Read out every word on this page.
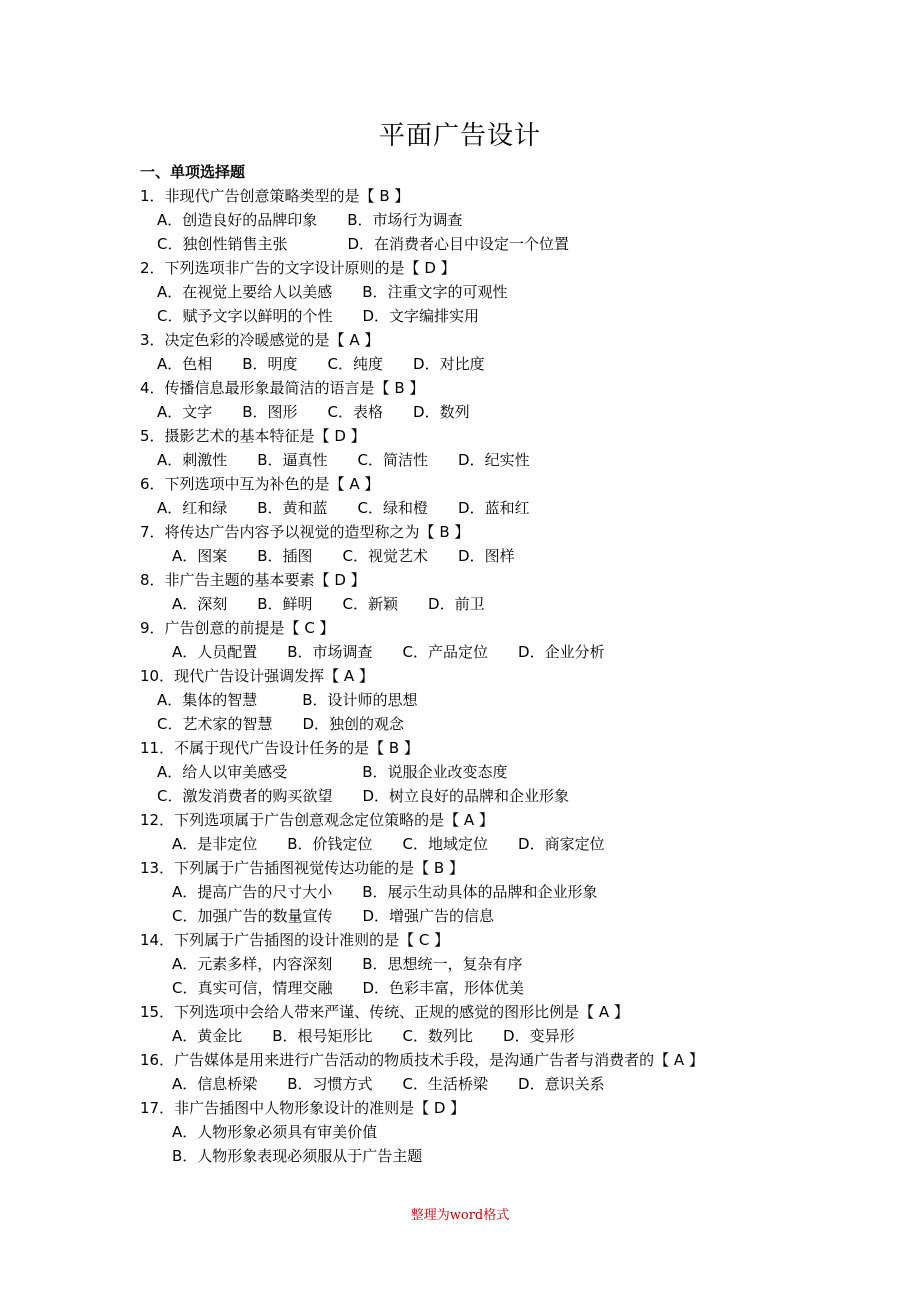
平面广告设计
一、单项选择题
1．非现代广告创意策略类型的是【 B 】
A．创造良好的品牌印象　　B．市场行为调查
C．独创性销售主张　　　　D．在消费者心目中设定一个位置
2．下列选项非广告的文字设计原则的是【 D 】
A．在视觉上要给人以美感　　B．注重文字的可观性
C．赋予文字以鲜明的个性　　D．文字编排实用
3．决定色彩的冷暖感觉的是【 A 】
A．色相　　B．明度　　C．纯度　　D．对比度
4．传播信息最形象最简洁的语言是【 B 】
A．文字　　B．图形　　C．表格　　D．数列
5．摄影艺术的基本特征是【 D 】
A．刺激性　　B．逼真性　　C．简洁性　　D．纪实性
6．下列选项中互为补色的是【 A 】
A．红和绿　　B．黄和蓝　　C．绿和橙　　D．蓝和红
7．将传达广告内容予以视觉的造型称之为【 B 】
A．图案　　B．插图　　C．视觉艺术　　D．图样
8．非广告主题的基本要素【 D 】
A．深刻　　B．鲜明　　C．新颖　　D．前卫
9．广告创意的前提是【 C 】
A．人员配置　　B．市场调查　　C．产品定位　　D．企业分析
10．现代广告设计强调发挥【 A 】
A．集体的智慧　　　B．设计师的思想
C．艺术家的智慧　　D．独创的观念
11．不属于现代广告设计任务的是【 B 】
A．给人以审美感受　　　　　B．说服企业改变态度
C．激发消费者的购买欲望　　D．树立良好的品牌和企业形象
12．下列选项属于广告创意观念定位策略的是【 A 】
A．是非定位　　B．价钱定位　　C．地域定位　　D．商家定位
13．下列属于广告插图视觉传达功能的是【 B 】
A．提高广告的尺寸大小　　B．展示生动具体的品牌和企业形象
C．加强广告的数量宣传　　D．增强广告的信息
14．下列属于广告插图的设计准则的是【 C 】
A．元素多样，内容深刻　　B．思想统一，复杂有序
C．真实可信，情理交融　　D．色彩丰富，形体优美
15．下列选项中会给人带来严谨、传统、正规的感觉的图形比例是【 A 】
A．黄金比　　B．根号矩形比　　C．数列比　　D．变异形
16．广告媒体是用来进行广告活动的物质技术手段，是沟通广告者与消费者的【 A 】
A．信息桥梁　　B．习惯方式　　C．生活桥梁　　D．意识关系
17．非广告插图中人物形象设计的准则是【 D 】
A．人物形象必须具有审美价值
B．人物形象表现必须服从于广告主题
整理为word格式
